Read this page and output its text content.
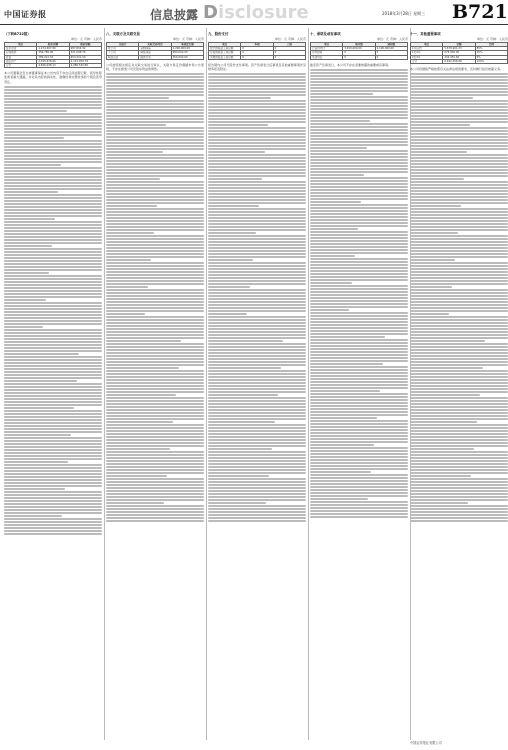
中国证券报	信息披露 Disclosure	2018年3月28日 星期三 B721
（下转B722版）
单位：元 币种：人民币
项目	期末余额	期初余额
货币资金	1,234,567.89	987,654.32
应收账款	456,789.00	321,098.76
存货	789,012.34	654,321.00
固定资产	2,345,678.90	2,123,456.78
合计	4,826,048.13	4,086,530.86

本公司董事会及全体董事保证本公告内容不存在任何虚假记载、误导性陈述或者重大遗漏，并对其内容的真实性、准确性和完整性承担个别及连带责任。

八、关联方及关联交易
单位：元 币种：人民币
关联方	关联交易内容	本期发生额
母公司	采购商品	1,200,000.00
子公司	销售商品	980,000.00
联营企业	提供劳务	356,000.00

公司按照相关规定对关联交易进行审议，关联交易定价遵循市场公允原则，不存在损害公司及股东利益的情形。

九、股份支付
单位：元 币种：人民币
项目	本期	上期
授予的权益工具总额	0	0
行权的权益工具总额	0	0
失效的权益工具总额	0	0

报告期内公司无股份支付事项。资产负债表日后事项及其他重要事项详见财务报表附注。

十、承诺及或有事项
单位：元 币种：人民币
项目	期末数	期初数
已签约未付	3,450,000.00	2,100,000.00
对外担保	0	0
未决诉讼	0	0

截至资产负债表日，本公司不存在需要披露的重要或有事项。

十一、其他重要事项
单位：元 币种：人民币
项目	金额	比例
1年以内	5,678,901.23	85%
1至2年	678,900.00	10%
2至3年	334,455.66	5%
合计	6,692,256.89	100%

本公司将继续严格按照有关法律法规的要求，及时履行信息披露义务。

中国证券报社有限公司
